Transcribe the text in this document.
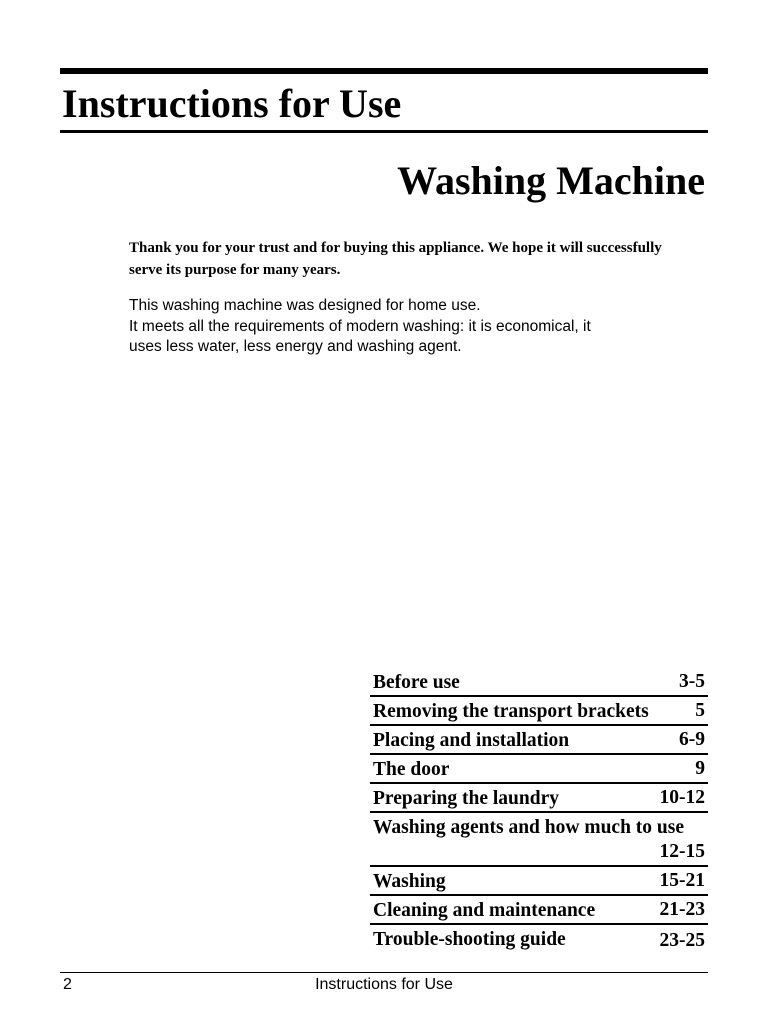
Instructions for Use
Washing Machine

Thank you for your trust and for buying this appliance. We hope it will successfully serve its purpose for many years.

This washing machine was designed for home use.
It meets all the requirements of modern washing: it is economical, it
uses less water, less energy and washing agent.

Before use	3-5
Removing the transport brackets	5
Placing and installation	6-9
The door	9
Preparing the laundry	10-12
Washing agents and how much to use
12-15
Washing	15-21
Cleaning and maintenance	21-23
Trouble-shooting guide	23-25
2	Instructions for Use
